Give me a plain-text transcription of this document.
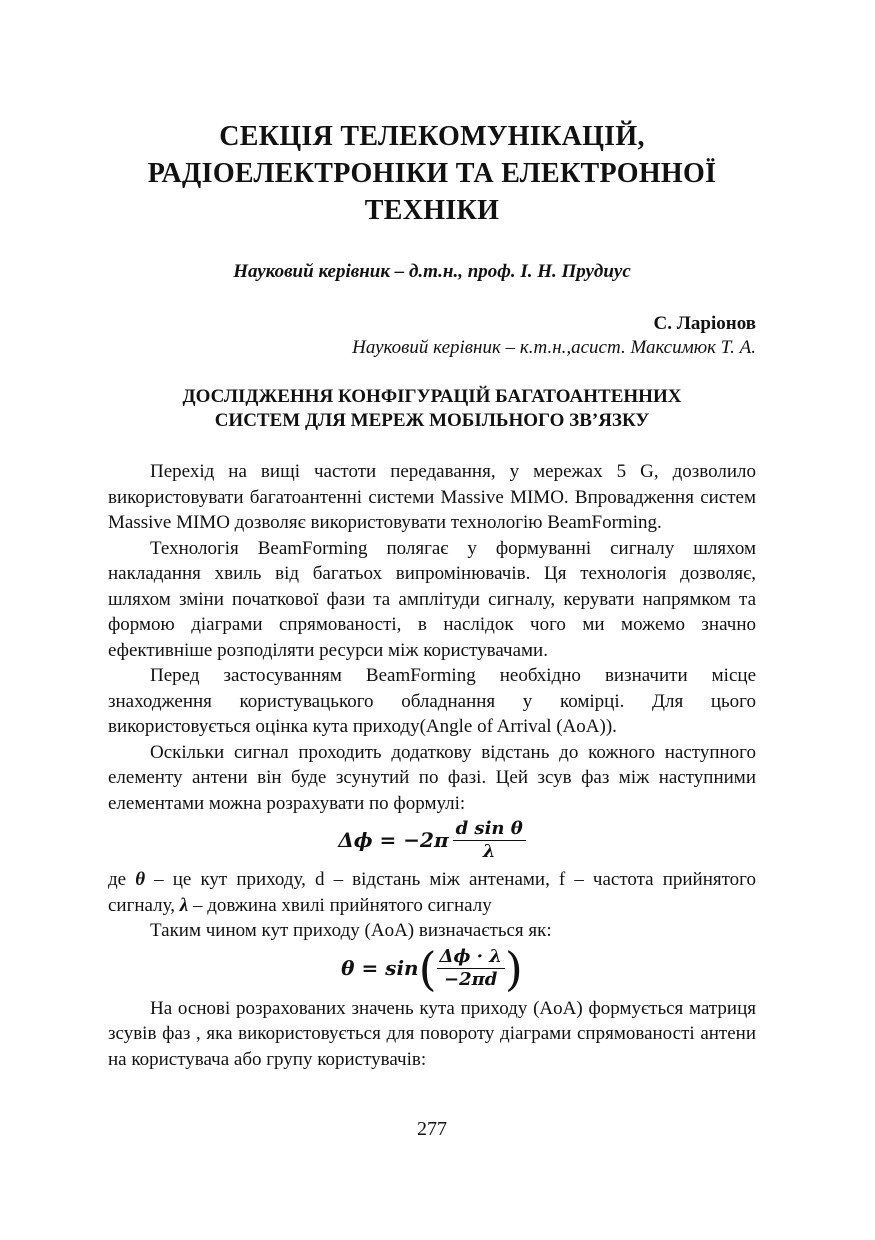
СЕКЦІЯ ТЕЛЕКОМУНІКАЦІЙ,
РАДІОЕЛЕКТРОНІКИ ТА ЕЛЕКТРОННОЇ
ТЕХНІКИ
Науковий керівник – д.т.н., проф. І. Н. Прудиус
С. Ларіонов
Науковий керівник – к.т.н.,асист. Максимюк Т. А.
ДОСЛІДЖЕННЯ КОНФІГУРАЦІЙ БАГАТОАНТЕННИХ
СИСТЕМ ДЛЯ МЕРЕЖ МОБІЛЬНОГО ЗВ’ЯЗКУ

Перехід на вищі частоти передавання, у мережах 5 G, дозволило використовувати багатоантенні системи Massive MIMO. Впровадження систем Massive MIMO дозволяє використовувати технологію BeamForming.

Технологія BeamForming полягає у формуванні сигналу шляхом накладання хвиль від багатьох випромінювачів. Ця технологія дозволяє, шляхом зміни початкової фази та амплітуди сигналу, керувати напрямком та формою діаграми спрямованості, в наслідок чого ми можемо значно ефективніше розподіляти ресурси між користувачами.

Перед застосуванням BeamForming необхідно визначити місце знаходження користувацького обладнання у комірці. Для цього використовується оцінка кута приходу(Angle of Arrival (AoA)).

Оскільки сигнал проходить додаткову відстань до кожного наступного елементу антени він буде зсунутий по фазі. Цей зсув фаз між наступними елементами можна розрахувати по формулі:

$\Delta\phi = -2\pi \frac{\text{d sin θ}}{\lambda}$

де θ – це кут приходу, d – відстань між антенами, f – частота прийнятого сигналу, λ – довжина хвилі прийнятого сигналу

Таким чином кут приходу (AoA) визначається як:

θ = sin ( $\frac{\Delta\phi \cdot \lambda}{-2\pi d}$ )

На основі розрахованих значень кута приходу (AoA) формується матриця зсувів фаз , яка використовується для повороту діаграми спрямованості антени на користувача або групу користувачів:

277
